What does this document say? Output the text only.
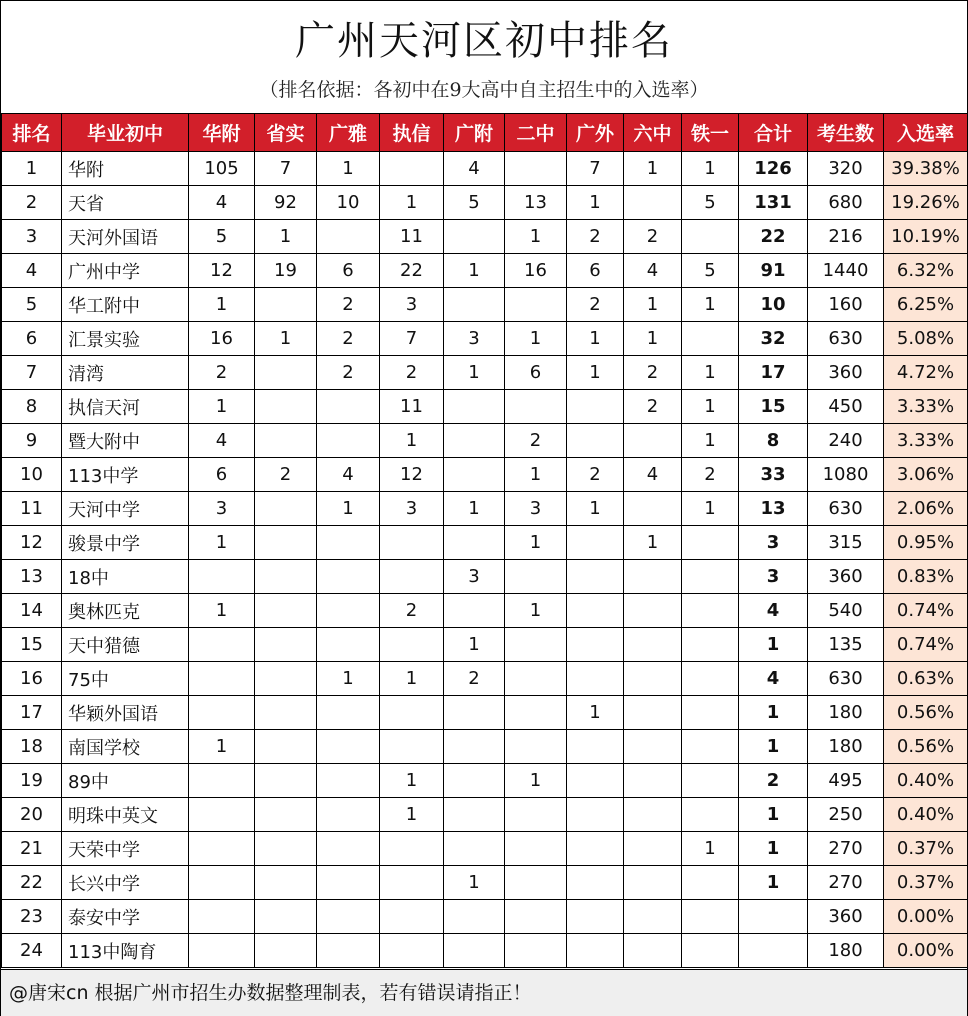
广州天河区初中排名
（排名依据：各初中在9大高中自主招生中的入选率）
排名	毕业初中	华附	省实	广雅	执信	广附	二中	广外	六中	铁一	合计	考生数	入选率
1	华附	105	7	1		4		7	1	1	126	320	39.38%
2	天省	4	92	10	1	5	13	1		5	131	680	19.26%
3	天河外国语	5	1		11		1	2	2		22	216	10.19%
4	广州中学	12	19	6	22	1	16	6	4	5	91	1440	6.32%
5	华工附中	1		2	3			2	1	1	10	160	6.25%
6	汇景实验	16	1	2	7	3	1	1	1		32	630	5.08%
7	清湾	2		2	2	1	6	1	2	1	17	360	4.72%
8	执信天河	1			11				2	1	15	450	3.33%
9	暨大附中	4			1		2			1	8	240	3.33%
10	113中学	6	2	4	12		1	2	4	2	33	1080	3.06%
11	天河中学	3		1	3	1	3	1		1	13	630	2.06%
12	骏景中学	1					1		1		3	315	0.95%
13	18中					3					3	360	0.83%
14	奥林匹克	1			2		1				4	540	0.74%
15	天中猎德					1					1	135	0.74%
16	75中			1	1	2					4	630	0.63%
17	华颖外国语							1			1	180	0.56%
18	南国学校	1									1	180	0.56%
19	89中				1		1				2	495	0.40%
20	明珠中英文				1						1	250	0.40%
21	天荣中学									1	1	270	0.37%
22	长兴中学					1					1	270	0.37%
23	泰安中学											360	0.00%
24	113中陶育											180	0.00%
@唐宋cn 根据广州市招生办数据整理制表，若有错误请指正！
